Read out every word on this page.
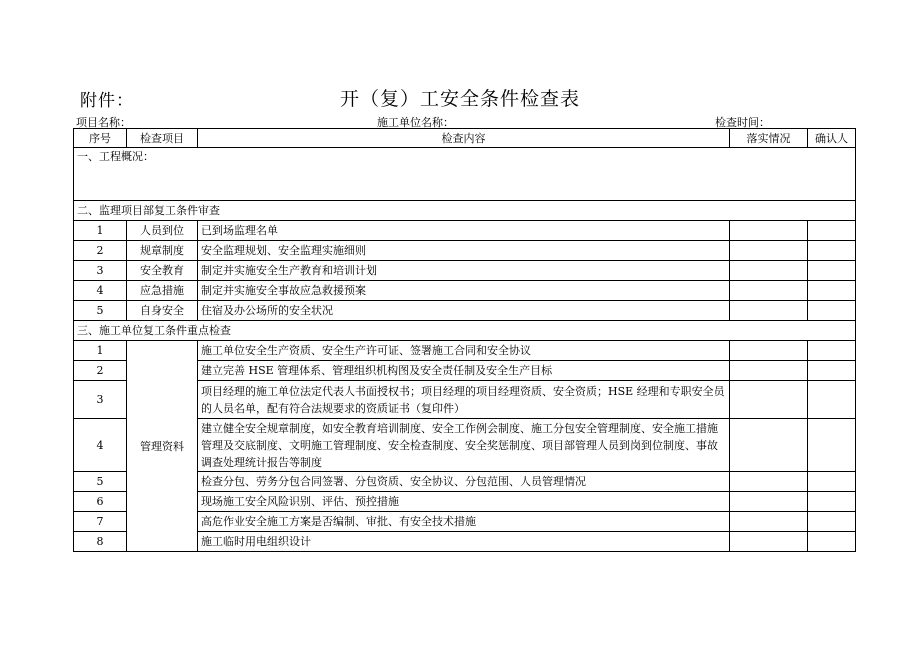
附件：	开（复）工安全条件检查表
项目名称：	施工单位名称：	检查时间：
序号	检查项目	检查内容	落实情况	确认人
一、工程概况：				
二、监理项目部复工条件审查				
1	人员到位	已到场监理名单		
2	规章制度	安全监理规划、安全监理实施细则		
3	安全教育	制定并实施安全生产教育和培训计划		
4	应急措施	制定并实施安全事故应急救援预案		
5	自身安全	住宿及办公场所的安全状况		
三、施工单位复工条件重点检查				
1	管理资料	施工单位安全生产资质、安全生产许可证、签署施工合同和安全协议		
2		建立完善 HSE 管理体系、管理组织机构图及安全责任制及安全生产目标		
3		项目经理的施工单位法定代表人书面授权书；项目经理的项目经理资质、安全资质；HSE 经理和专职安全员的人员名单，配有符合法规要求的资质证书（复印件）		
4		建立健全安全规章制度，如安全教育培训制度、安全工作例会制度、施工分包安全管理制度、安全施工措施管理及交底制度、文明施工管理制度、安全检查制度、安全奖惩制度、项目部管理人员到岗到位制度、事故调查处理统计报告等制度		
5		检查分包、劳务分包合同签署、分包资质、安全协议、分包范围、人员管理情况		
6		现场施工安全风险识别、评估、预控措施		
7		高危作业安全施工方案是否编制、审批、有安全技术措施		
8		施工临时用电组织设计		
